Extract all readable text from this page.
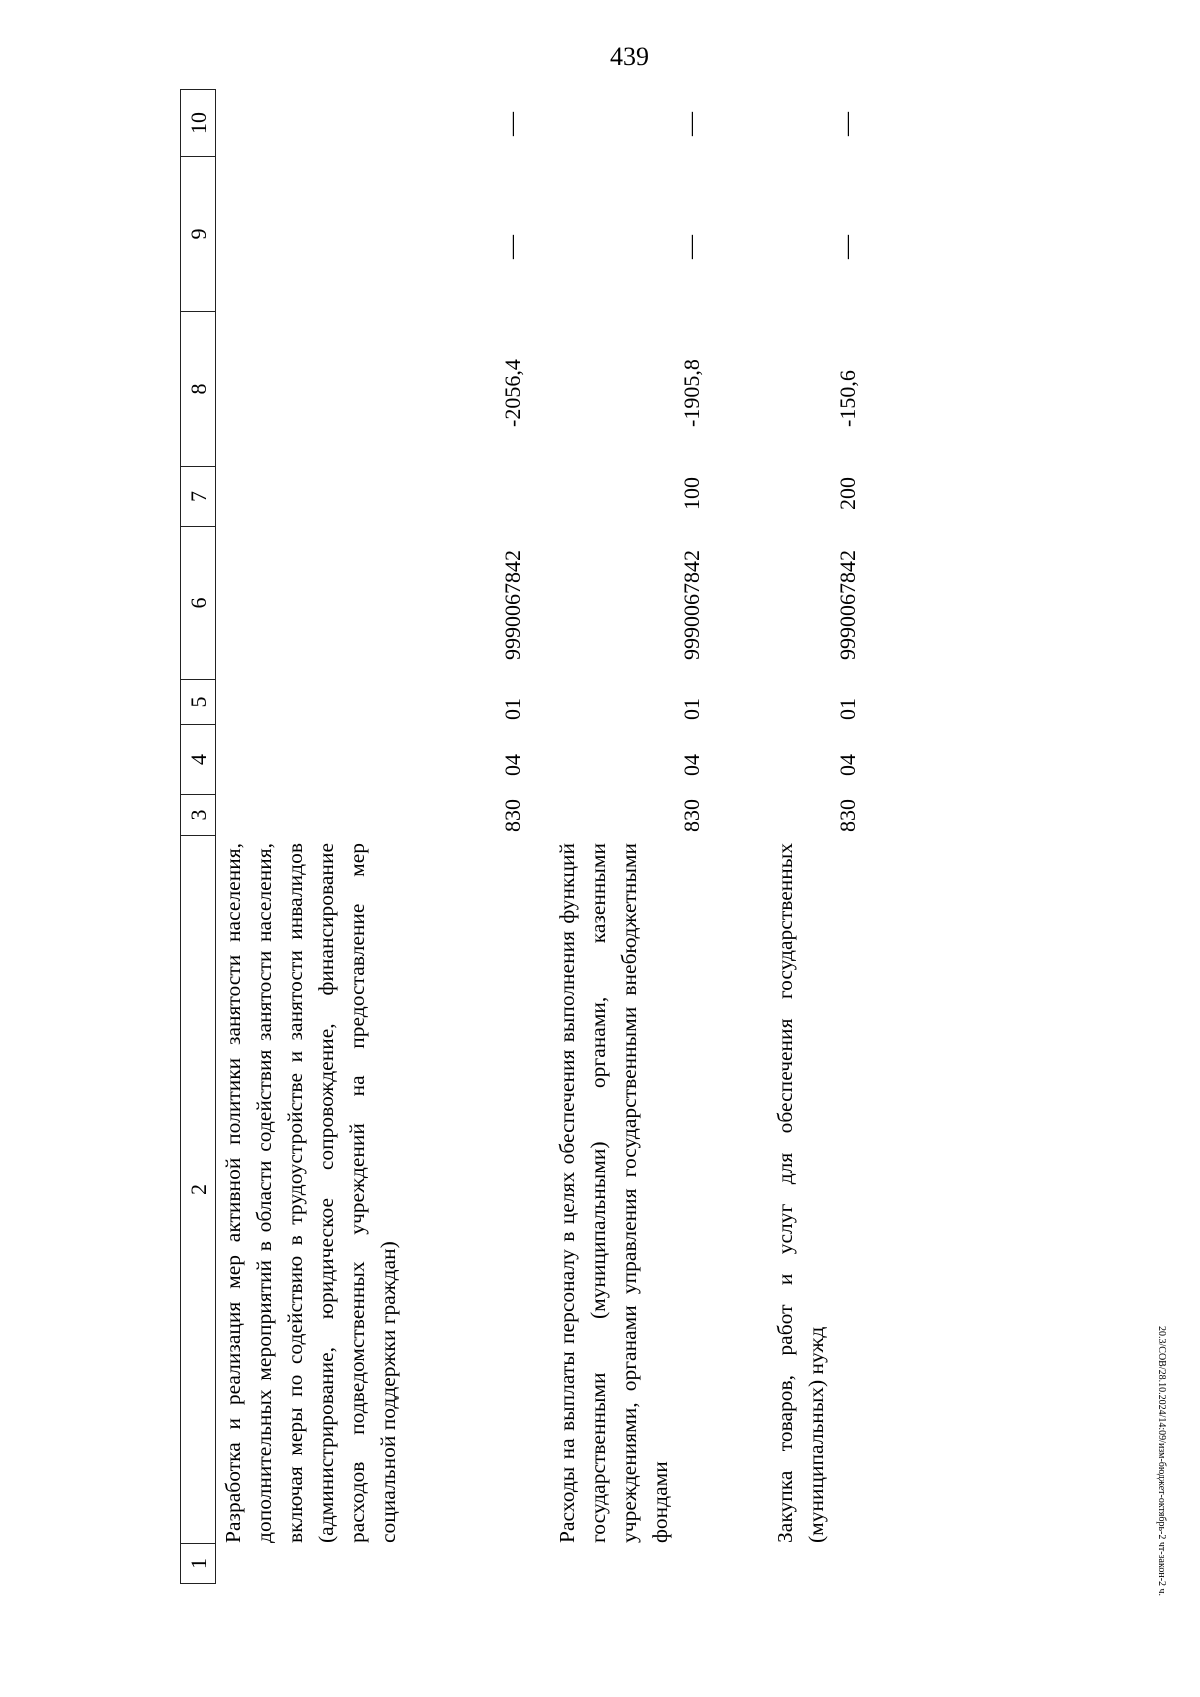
439
20.3/СОВ/28.10.2024/14:09/изм-бюджет-октябрь-2 чт-закон-2 ч.
1
2
3
4
5
6
7
8
9
10
Разработка и реализация мер активной политики занятости населения, дополнительных мероприятий в области содействия занятости населения, включая меры по содействию в трудоустройстве и занятости инвалидов (администрирование, юридическое сопровождение, финансирование расходов подведомственных учреждений на предоставление мер социальной поддержки граждан)
830
04
01
9990067842
-2056,4
—
—
Расходы на выплаты персоналу в целях обеспечения выполнения функций государственными (муниципальными) органами, казенными учреждениями, органами управления государственными внебюджетными фондами
830
04
01
9990067842
100
-1905,8
—
—
Закупка товаров, работ и услуг для обеспечения государственных (муниципальных) нужд
830
04
01
9990067842
200
-150,6
—
—
